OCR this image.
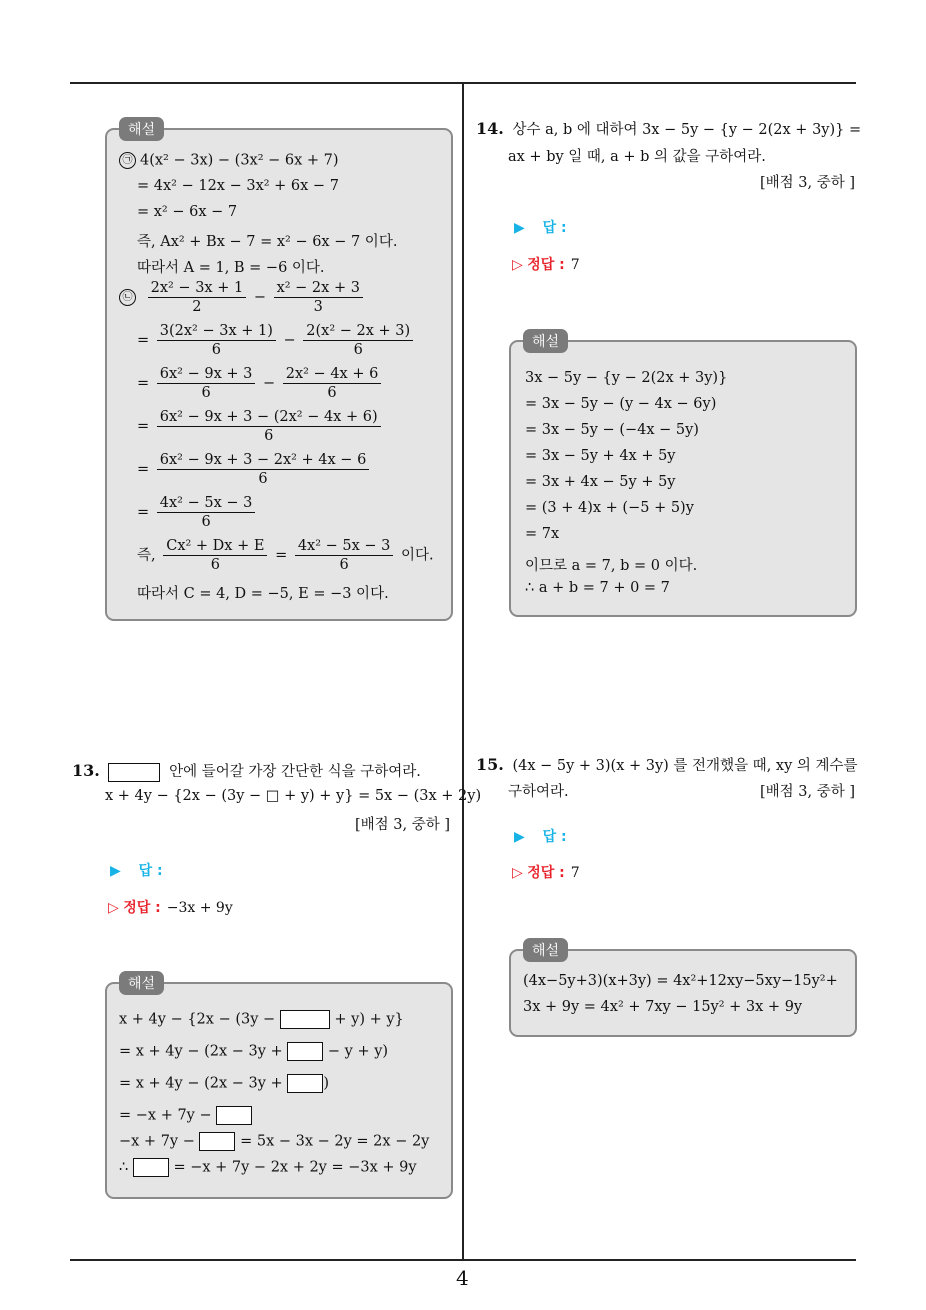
4
해설
㉠ 4(x² − 3x) − (3x² − 6x + 7)
= 4x² − 12x − 3x² + 6x − 7
= x² − 6x − 7
즉, Ax² + Bx − 7 = x² − 6x − 7 이다.
따라서 A = 1, B = −6 이다.
㉡ $\frac{\text{2x² − 3x + 1}}{2} - \frac{\text{x² − 2x + 3}}{3}$
= $\frac{\text{3(2x² − 3x + 1)}}{6} - \frac{\text{2(x² − 2x + 3)}}{6}$
= $\frac{\text{6x² − 9x + 3}}{6} - \frac{\text{2x² − 4x + 6}}{6}$
= $\frac{\text{6x² − 9x + 3 − (2x² − 4x + 6)}}{6}$
= $\frac{\text{6x² − 9x + 3 − 2x² + 4x − 6}}{6}$
= $\frac{\text{4x² − 5x − 3}}{6}$
즉, $\frac{\text{Cx² + Dx + E}}{6} = \frac{\text{4x² − 5x − 3}}{6}$ 이다.
따라서 C = 4, D = −5, E = −3 이다.
13.	안에 들어갈 가장 간단한 식을 구하여라.
x + 4y − {2x − (3y − □ + y) + y} = 5x − (3x + 2y)
[배점 3, 중하 ]
▶ 답 :
▷ 정답 : −3x + 9y
해설
x + 4y − {2x − (3y −	+ y) + y}
= x + 4y − (2x − 3y +  − y + y)
= x + 4y − (2x − 3y + )
= −x + 7y −
−x + 7y −  = 5x − 3x − 2y = 2x − 2y
∴  = −x + 7y − 2x + 2y = −3x + 9y
14. 상수 a, b 에 대하여 3x − 5y − {y − 2(2x + 3y)} =
ax + by 일 때, a + b 의 값을 구하여라.
[배점 3, 중하 ]
▶ 답 :
▷ 정답 : 7
해설
3x − 5y − {y − 2(2x + 3y)}
= 3x − 5y − (y − 4x − 6y)
= 3x − 5y − (−4x − 5y)
= 3x − 5y + 4x + 5y
= 3x + 4x − 5y + 5y
= (3 + 4)x + (−5 + 5)y
= 7x
이므로 a = 7, b = 0 이다.
∴ a + b = 7 + 0 = 7
15. (4x − 5y + 3)(x + 3y) 를 전개했을 때, xy 의 계수를
구하여라.	[배점 3, 중하 ]
▶ 답 :
▷ 정답 : 7
해설
(4x−5y+3)(x+3y) = 4x²+12xy−5xy−15y²+
3x + 9y = 4x² + 7xy − 15y² + 3x + 9y
